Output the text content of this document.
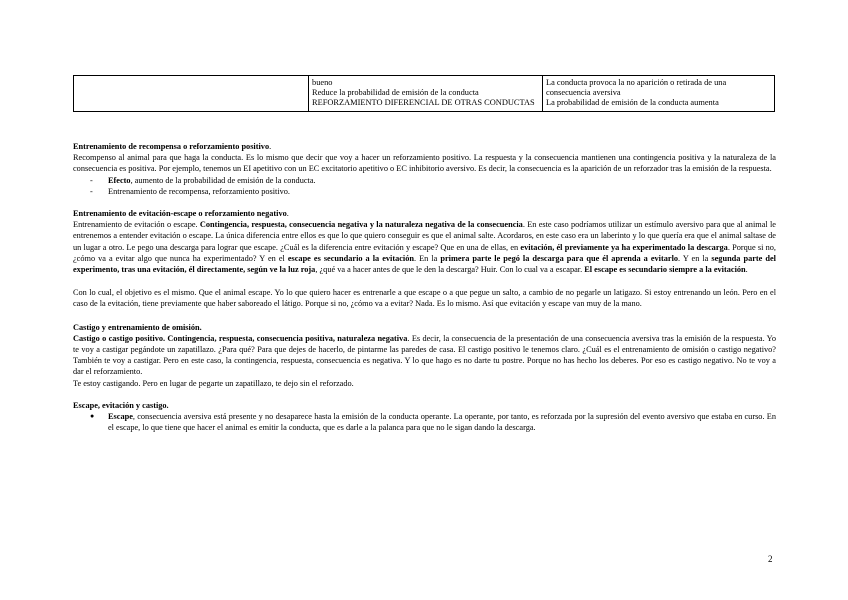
bueno
Reduce la probabilidad de emisión de la conducta
REFORZAMIENTO DIFERENCIAL DE OTRAS CONDUCTAS

La conducta provoca la no aparición o retirada de una consecuencia aversiva
La probabilidad de emisión de la conducta aumenta

Entrenamiento de recompensa o reforzamiento positivo.

Recompenso al animal para que haga la conducta. Es lo mismo que decir que voy a hacer un reforzamiento positivo. La respuesta y la consecuencia mantienen una contingencia positiva y la naturaleza de la consecuencia es positiva. Por ejemplo, tenemos un EI apetitivo con un EC excitatorio apetitivo o EC inhibitorio aversivo. Es decir, la consecuencia es la aparición de un reforzador tras la emisión de la respuesta.

- Efecto, aumento de la probabilidad de emisión de la conducta.
- Entrenamiento de recompensa, reforzamiento positivo.

Entrenamiento de evitación-escape o reforzamiento negativo.

Entrenamiento de evitación o escape. Contingencia, respuesta, consecuencia negativa y la naturaleza negativa de la consecuencia. En este caso podríamos utilizar un estímulo aversivo para que al animal le entrenemos a entender evitación o escape. La única diferencia entre ellos es que lo que quiero conseguir es que el animal salte. Acordaros, en este caso era un laberinto y lo que quería era que el animal saltase de un lugar a otro. Le pego una descarga para lograr que escape. ¿Cuál es la diferencia entre evitación y escape? Que en una de ellas, en evitación, él previamente ya ha experimentado la descarga. Porque si no, ¿cómo va a evitar algo que nunca ha experimentado? Y en el escape es secundario a la evitación. En la primera parte le pegó la descarga para que él aprenda a evitarlo. Y en la segunda parte del experimento, tras una evitación, él directamente, según ve la luz roja, ¿qué va a hacer antes de que le den la descarga? Huir. Con lo cual va a escapar. El escape es secundario siempre a la evitación.

Con lo cual, el objetivo es el mismo. Que el animal escape. Yo lo que quiero hacer es entrenarle a que escape o a que pegue un salto, a cambio de no pegarle un latigazo. Si estoy entrenando un león. Pero en el caso de la evitación, tiene previamente que haber saboreado el látigo. Porque si no, ¿cómo va a evitar? Nada. Es lo mismo. Así que evitación y escape van muy de la mano.

Castigo y entrenamiento de omisión.

Castigo o castigo positivo. Contingencia, respuesta, consecuencia positiva, naturaleza negativa. Es decir, la consecuencia de la presentación de una consecuencia aversiva tras la emisión de la respuesta. Yo te voy a castigar pegándote un zapatillazo. ¿Para qué? Para que dejes de hacerlo, de pintarme las paredes de casa. El castigo positivo le tenemos claro. ¿Cuál es el entrenamiento de omisión o castigo negativo? También te voy a castigar. Pero en este caso, la contingencia, respuesta, consecuencia es negativa. Y lo que hago es no darte tu postre. Porque no has hecho los deberes. Por eso es castigo negativo. No te voy a dar el reforzamiento.

Te estoy castigando. Pero en lugar de pegarte un zapatillazo, te dejo sin el reforzado.

Escape, evitación y castigo.

● Escape, consecuencia aversiva está presente y no desaparece hasta la emisión de la conducta operante. La operante, por tanto, es reforzada por la supresión del evento aversivo que estaba en curso. En el escape, lo que tiene que hacer el animal es emitir la conducta, que es darle a la palanca para que no le sigan dando la descarga.
2
